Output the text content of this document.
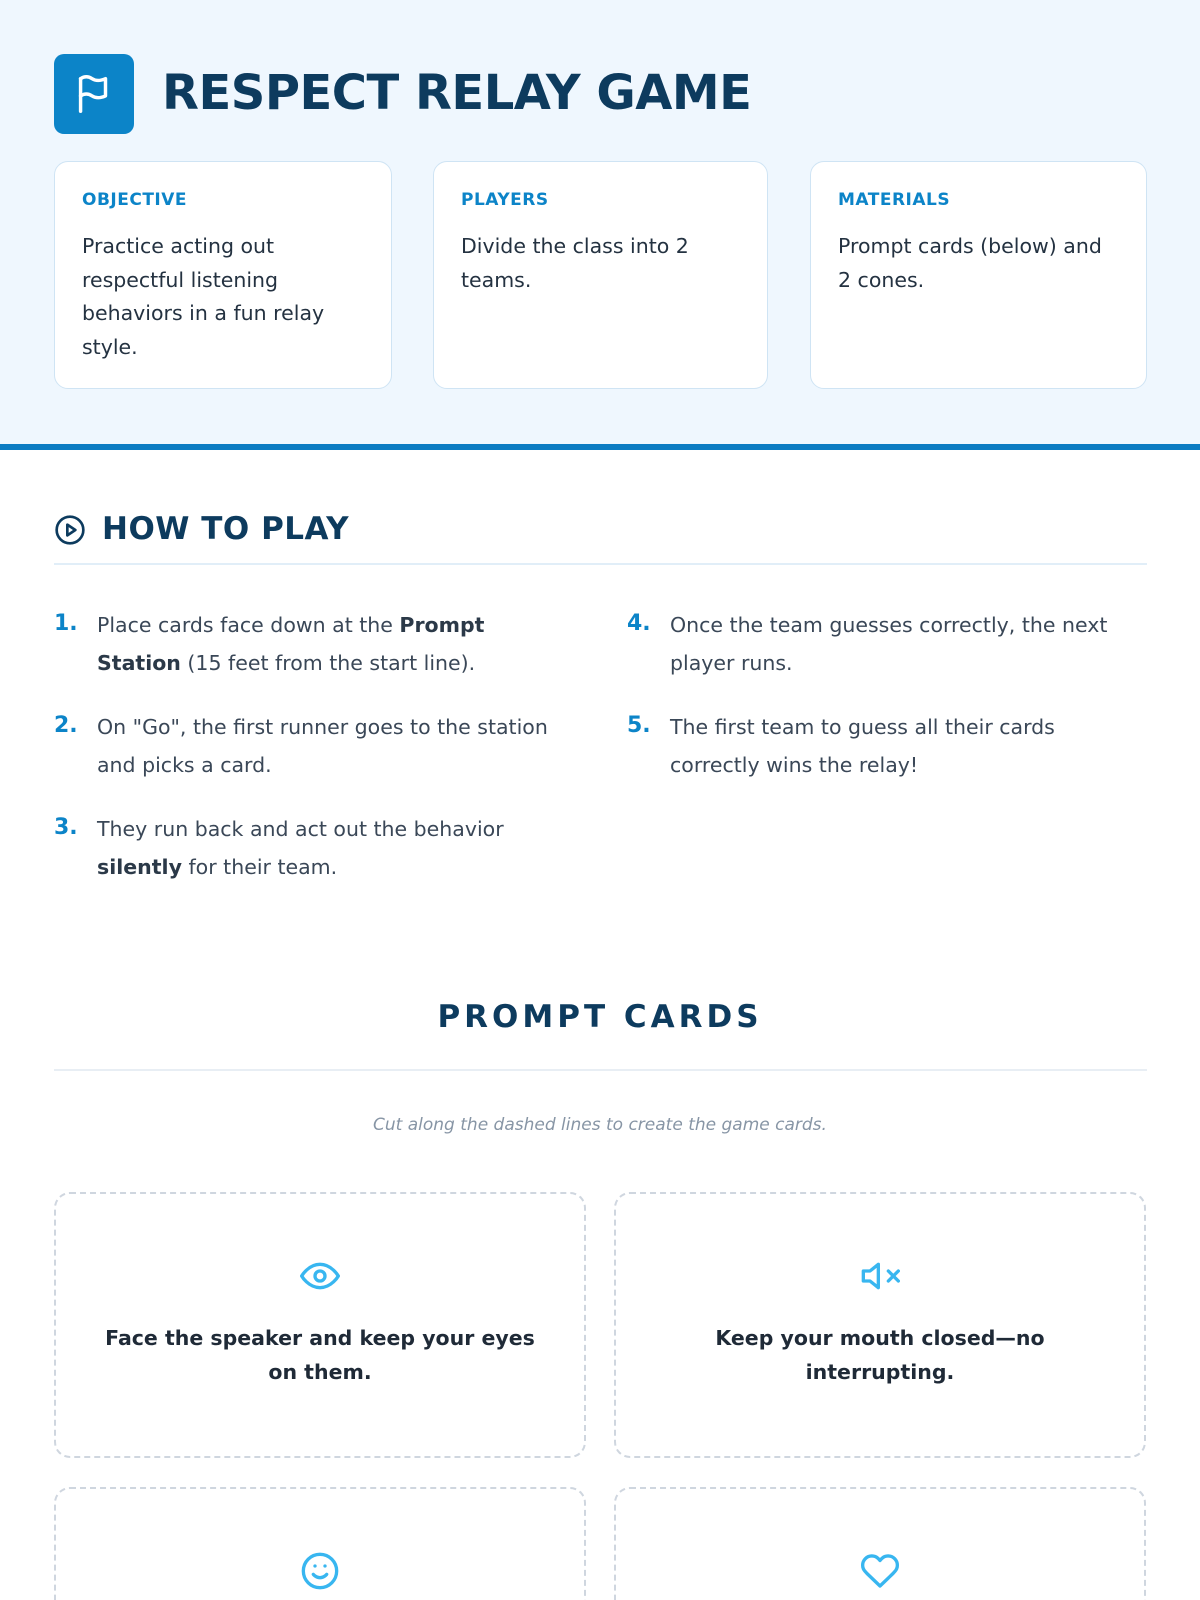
RESPECT RELAY GAME
OBJECTIVE
Practice acting out respectful listening behaviors in a fun relay style.
PLAYERS
Divide the class into 2 teams.
MATERIALS
Prompt cards (below) and 2 cones.
HOW TO PLAY
1. Place cards face down at the Prompt Station (15 feet from the start line).
2. On "Go", the first runner goes to the station and picks a card.
3. They run back and act out the behavior silently for their team.
4. Once the team guesses correctly, the next player runs.
5. The first team to guess all their cards correctly wins the relay!
PROMPT CARDS
Cut along the dashed lines to create the game cards.
Face the speaker and keep your eyes on them.
Keep your mouth closed—no interrupting.
